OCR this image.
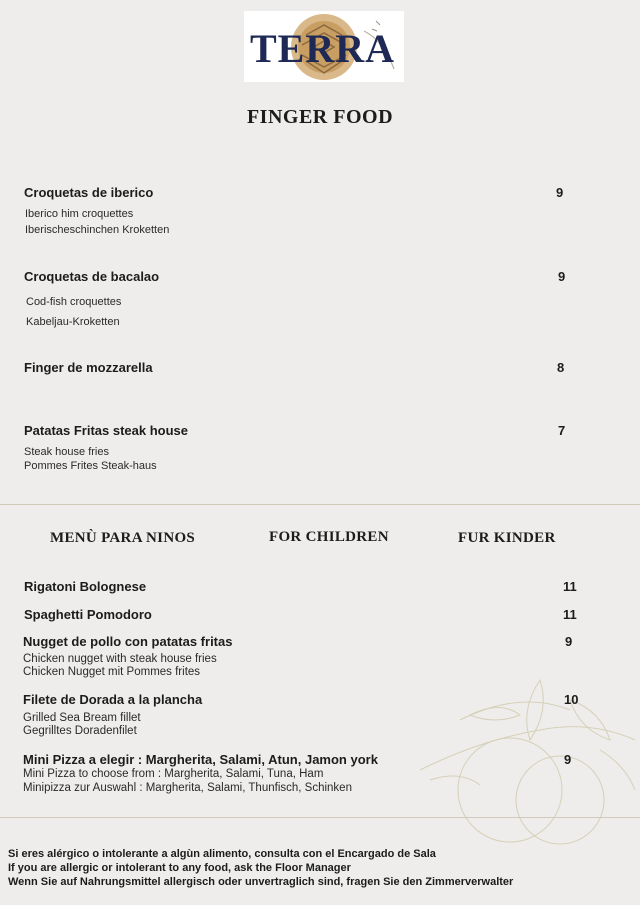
TERRA
FINGER FOOD
Croquetas de iberico	9
Iberico him croquettes
Iberischeschinchen Kroketten
Croquetas de bacalao	9
Cod-fish croquettes
Kabeljau-Kroketten
Finger de mozzarella	8
Patatas Fritas steak house	7
Steak house fries
Pommes Frites Steak-haus
MENÙ PARA NINOS	FOR CHILDREN	FUR KINDER
Rigatoni Bolognese	11
Spaghetti Pomodoro	11
Nugget de pollo con patatas fritas	9
Chicken nugget with steak house fries
Chicken Nugget mit Pommes frites
Filete de Dorada a la plancha	10
Grilled Sea Bream fillet
Gegrilltes Doradenfilet
Mini Pizza a elegir : Margherita, Salami, Atun, Jamon york	9
Mini Pizza to choose from : Margherita, Salami, Tuna, Ham
Minipizza zur Auswahl : Margherita, Salami, Thunfisch, Schinken
Si eres alérgico o intolerante a algùn alimento, consulta con el Encargado de Sala
If you are allergic or intolerant to any food, ask the Floor Manager
Wenn Sie auf Nahrungsmittel allergisch oder unvertraglich sind, fragen Sie den Zimmerverwalter
